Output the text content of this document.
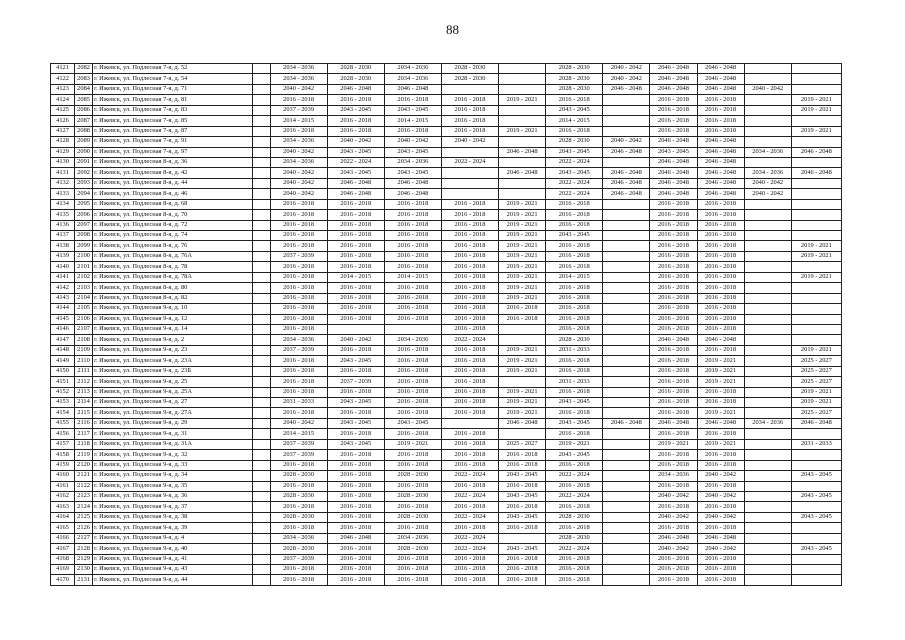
88
4121	2082	г. Ижевск, ул. Подлесная 7-я, д. 52		2034 - 2036	2028 - 2030	2034 - 2036	2028 - 2030		2028 - 2030	2040 - 2042	2046 - 2048	2046 - 2048		
4122	2083	г. Ижевск, ул. Подлесная 7-я, д. 54		2034 - 2036	2028 - 2030	2034 - 2036	2028 - 2030		2028 - 2030	2040 - 2042	2046 - 2048	2046 - 2048		
4123	2084	г. Ижевск, ул. Подлесная 7-я, д. 71		2040 - 2042	2046 - 2048	2046 - 2048			2028 - 2030	2046 - 2048	2046 - 2048	2046 - 2048	2040 - 2042	
4124	2085	г. Ижевск, ул. Подлесная 7-я, д. 81		2016 - 2018	2016 - 2018	2016 - 2018	2016 - 2018	2019 - 2021	2016 - 2018		2016 - 2018	2016 - 2018		2019 - 2021
4125	2086	г. Ижевск, ул. Подлесная 7-я, д. 83		2037 - 2039	2043 - 2045	2043 - 2045	2016 - 2018		2043 - 2045		2016 - 2018	2016 - 2018		2019 - 2021
4126	2087	г. Ижевск, ул. Подлесная 7-я, д. 85		2014 - 2015	2016 - 2018	2014 - 2015	2016 - 2018		2014 - 2015		2016 - 2018	2016 - 2018		
4127	2088	г. Ижевск, ул. Подлесная 7-я, д. 87		2016 - 2018	2016 - 2018	2016 - 2018	2016 - 2018	2019 - 2021	2016 - 2018		2016 - 2018	2016 - 2018		2019 - 2021
4128	2089	г. Ижевск, ул. Подлесная 7-я, д. 91		2034 - 2036	2040 - 2042	2040 - 2042	2040 - 2042		2028 - 2030	2040 - 2042	2046 - 2048	2046 - 2048		
4129	2090	г. Ижевск, ул. Подлесная 7-я, д. 97		2040 - 2042	2043 - 2045	2043 - 2045		2046 - 2048	2043 - 2045	2046 - 2048	2043 - 2045	2046 - 2048	2034 - 2036	2046 - 2048
4130	2091	г. Ижевск, ул. Подлесная 8-я, д. 36		2034 - 2036	2022 - 2024	2034 - 2036	2022 - 2024		2022 - 2024		2046 - 2048	2046 - 2048		
4131	2092	г. Ижевск, ул. Подлесная 8-я, д. 42		2040 - 2042	2043 - 2045	2043 - 2045		2046 - 2048	2043 - 2045	2046 - 2048	2046 - 2048	2046 - 2048	2034 - 2036	2046 - 2048
4132	2093	г. Ижевск, ул. Подлесная 8-я, д. 44		2040 - 2042	2046 - 2048	2046 - 2048			2022 - 2024	2046 - 2048	2046 - 2048	2046 - 2048	2040 - 2042	
4133	2094	г. Ижевск, ул. Подлесная 8-я, д. 46		2040 - 2042	2046 - 2048	2046 - 2048			2022 - 2024	2046 - 2048	2046 - 2048	2046 - 2048	2040 - 2042	
4134	2095	г. Ижевск, ул. Подлесная 8-я, д. 68		2016 - 2018	2016 - 2018	2016 - 2018	2016 - 2018	2019 - 2021	2016 - 2018		2016 - 2018	2016 - 2018		
4135	2096	г. Ижевск, ул. Подлесная 8-я, д. 70		2016 - 2018	2016 - 2018	2016 - 2018	2016 - 2018	2019 - 2021	2016 - 2018		2016 - 2018	2016 - 2018		
4136	2097	г. Ижевск, ул. Подлесная 8-я, д. 72		2016 - 2018	2016 - 2018	2016 - 2018	2016 - 2018	2019 - 2021	2016 - 2018		2016 - 2018	2016 - 2018		
4137	2098	г. Ижевск, ул. Подлесная 8-я, д. 74		2016 - 2018	2016 - 2018	2016 - 2018	2016 - 2018	2019 - 2021	2043 - 2045		2016 - 2018	2016 - 2018		
4138	2099	г. Ижевск, ул. Подлесная 8-я, д. 76		2016 - 2018	2016 - 2018	2016 - 2018	2016 - 2018	2019 - 2021	2016 - 2018		2016 - 2018	2016 - 2018		2019 - 2021
4139	2100	г. Ижевск, ул. Подлесная 8-я, д. 76А		2037 - 2039	2016 - 2018	2016 - 2018	2016 - 2018	2019 - 2021	2016 - 2018		2016 - 2018	2016 - 2018		2019 - 2021
4140	2101	г. Ижевск, ул. Подлесная 8-я, д. 78		2016 - 2018	2016 - 2018	2016 - 2018	2016 - 2018	2019 - 2021	2016 - 2018		2016 - 2018	2016 - 2018		
4141	2102	г. Ижевск, ул. Подлесная 8-я, д. 78А		2016 - 2018	2014 - 2015	2014 - 2015	2016 - 2018	2019 - 2021	2014 - 2015		2016 - 2018	2016 - 2018		2019 - 2021
4142	2103	г. Ижевск, ул. Подлесная 8-я, д. 80		2016 - 2018	2016 - 2018	2016 - 2018	2016 - 2018	2019 - 2021	2016 - 2018		2016 - 2018	2016 - 2018		
4143	2104	г. Ижевск, ул. Подлесная 8-я, д. 82		2016 - 2018	2016 - 2018	2016 - 2018	2016 - 2018	2019 - 2021	2016 - 2018		2016 - 2018	2016 - 2018		
4144	2105	г. Ижевск, ул. Подлесная 9-я, д. 10		2016 - 2018	2016 - 2018	2016 - 2018	2016 - 2018	2016 - 2018	2016 - 2018		2016 - 2018	2016 - 2018		
4145	2106	г. Ижевск, ул. Подлесная 9-я, д. 12		2016 - 2018	2016 - 2018	2016 - 2018	2016 - 2018	2016 - 2018	2016 - 2018		2016 - 2018	2016 - 2018		
4146	2107	г. Ижевск, ул. Подлесная 9-я, д. 14		2016 - 2018			2016 - 2018		2016 - 2018		2016 - 2018	2016 - 2018		
4147	2108	г. Ижевск, ул. Подлесная 9-я, д. 2		2034 - 2036	2040 - 2042	2034 - 2036	2022 - 2024		2028 - 2030		2046 - 2048	2046 - 2048		
4148	2109	г. Ижевск, ул. Подлесная 9-я, д. 23		2037 - 2039	2016 - 2018	2016 - 2018	2016 - 2018	2019 - 2021	2031 - 2033		2016 - 2018	2016 - 2018		2019 - 2021
4149	2110	г. Ижевск, ул. Подлесная 9-я, д. 23А		2016 - 2018	2043 - 2045	2016 - 2018	2016 - 2018	2019 - 2021	2016 - 2018		2016 - 2018	2019 - 2021		2025 - 2027
4150	2111	г. Ижевск, ул. Подлесная 9-я, д. 23Б		2016 - 2018	2016 - 2018	2016 - 2018	2016 - 2018	2019 - 2021	2016 - 2018		2016 - 2018	2019 - 2021		2025 - 2027
4151	2112	г. Ижевск, ул. Подлесная 9-я, д. 25		2016 - 2018	2037 - 2039	2016 - 2018	2016 - 2018		2031 - 2033		2016 - 2018	2019 - 2021		2025 - 2027
4152	2113	г. Ижевск, ул. Подлесная 9-я, д. 25А		2016 - 2018	2016 - 2018	2016 - 2018	2016 - 2018	2019 - 2021	2016 - 2018		2016 - 2018	2016 - 2018		2019 - 2021
4153	2114	г. Ижевск, ул. Подлесная 9-я, д. 27		2031 - 2033	2043 - 2045	2016 - 2018	2016 - 2018	2019 - 2021	2043 - 2045		2016 - 2018	2016 - 2018		2019 - 2021
4154	2115	г. Ижевск, ул. Подлесная 9-я, д. 27А		2016 - 2018	2016 - 2018	2016 - 2018	2016 - 2018	2019 - 2021	2016 - 2018		2016 - 2018	2019 - 2021		2025 - 2027
4155	2116	г. Ижевск, ул. Подлесная 9-я, д. 29		2040 - 2042	2043 - 2045	2043 - 2045		2046 - 2048	2043 - 2045	2046 - 2048	2046 - 2048	2046 - 2048	2034 - 2036	2046 - 2048
4156	2117	г. Ижевск, ул. Подлесная 9-я, д. 31		2014 - 2015	2016 - 2018	2016 - 2018	2016 - 2018		2016 - 2018		2016 - 2018	2016 - 2018		
4157	2118	г. Ижевск, ул. Подлесная 9-я, д. 31А		2037 - 2039	2043 - 2045	2019 - 2021	2016 - 2018	2025 - 2027	2019 - 2021		2019 - 2021	2019 - 2021		2031 - 2033
4158	2119	г. Ижевск, ул. Подлесная 9-я, д. 32		2037 - 2039	2016 - 2018	2016 - 2018	2016 - 2018	2016 - 2018	2043 - 2045		2016 - 2018	2016 - 2018		
4159	2120	г. Ижевск, ул. Подлесная 9-я, д. 33		2016 - 2018	2016 - 2018	2016 - 2018	2016 - 2018	2016 - 2018	2016 - 2018		2016 - 2018	2016 - 2018		
4160	2121	г. Ижевск, ул. Подлесная 9-я, д. 34		2028 - 2030	2016 - 2018	2028 - 2030	2022 - 2024	2043 - 2045	2022 - 2024		2034 - 2036	2040 - 2042		2043 - 2045
4161	2122	г. Ижевск, ул. Подлесная 9-я, д. 35		2016 - 2018	2016 - 2018	2016 - 2018	2016 - 2018	2016 - 2018	2016 - 2018		2016 - 2018	2016 - 2018		
4162	2123	г. Ижевск, ул. Подлесная 9-я, д. 36		2028 - 2030	2016 - 2018	2028 - 2030	2022 - 2024	2043 - 2045	2022 - 2024		2040 - 2042	2040 - 2042		2043 - 2045
4163	2124	г. Ижевск, ул. Подлесная 9-я, д. 37		2016 - 2018	2016 - 2018	2016 - 2018	2016 - 2018	2016 - 2018	2016 - 2018		2016 - 2018	2016 - 2018		
4164	2125	г. Ижевск, ул. Подлесная 9-я, д. 38		2028 - 2030	2016 - 2018	2028 - 2030	2022 - 2024	2043 - 2045	2028 - 2030		2040 - 2042	2040 - 2042		2043 - 2045
4165	2126	г. Ижевск, ул. Подлесная 9-я, д. 39		2016 - 2018	2016 - 2018	2016 - 2018	2016 - 2018	2016 - 2018	2016 - 2018		2016 - 2018	2016 - 2018		
4166	2127	г. Ижевск, ул. Подлесная 9-я, д. 4		2034 - 2036	2046 - 2048	2034 - 2036	2022 - 2024		2028 - 2030		2046 - 2048	2046 - 2048		
4167	2128	г. Ижевск, ул. Подлесная 9-я, д. 40		2028 - 2030	2016 - 2018	2028 - 2030	2022 - 2024	2043 - 2045	2022 - 2024		2040 - 2042	2040 - 2042		2043 - 2045
4168	2129	г. Ижевск, ул. Подлесная 9-я, д. 41		2037 - 2039	2016 - 2018	2016 - 2018	2016 - 2018	2016 - 2018	2016 - 2018		2016 - 2018	2016 - 2018		
4169	2130	г. Ижевск, ул. Подлесная 9-я, д. 43		2016 - 2018	2016 - 2018	2016 - 2018	2016 - 2018	2016 - 2018	2016 - 2018		2016 - 2018	2016 - 2018		
4170	2131	г. Ижевск, ул. Подлесная 9-я, д. 44		2016 - 2018	2016 - 2018	2016 - 2018	2016 - 2018	2016 - 2018	2016 - 2018		2016 - 2018	2016 - 2018		
